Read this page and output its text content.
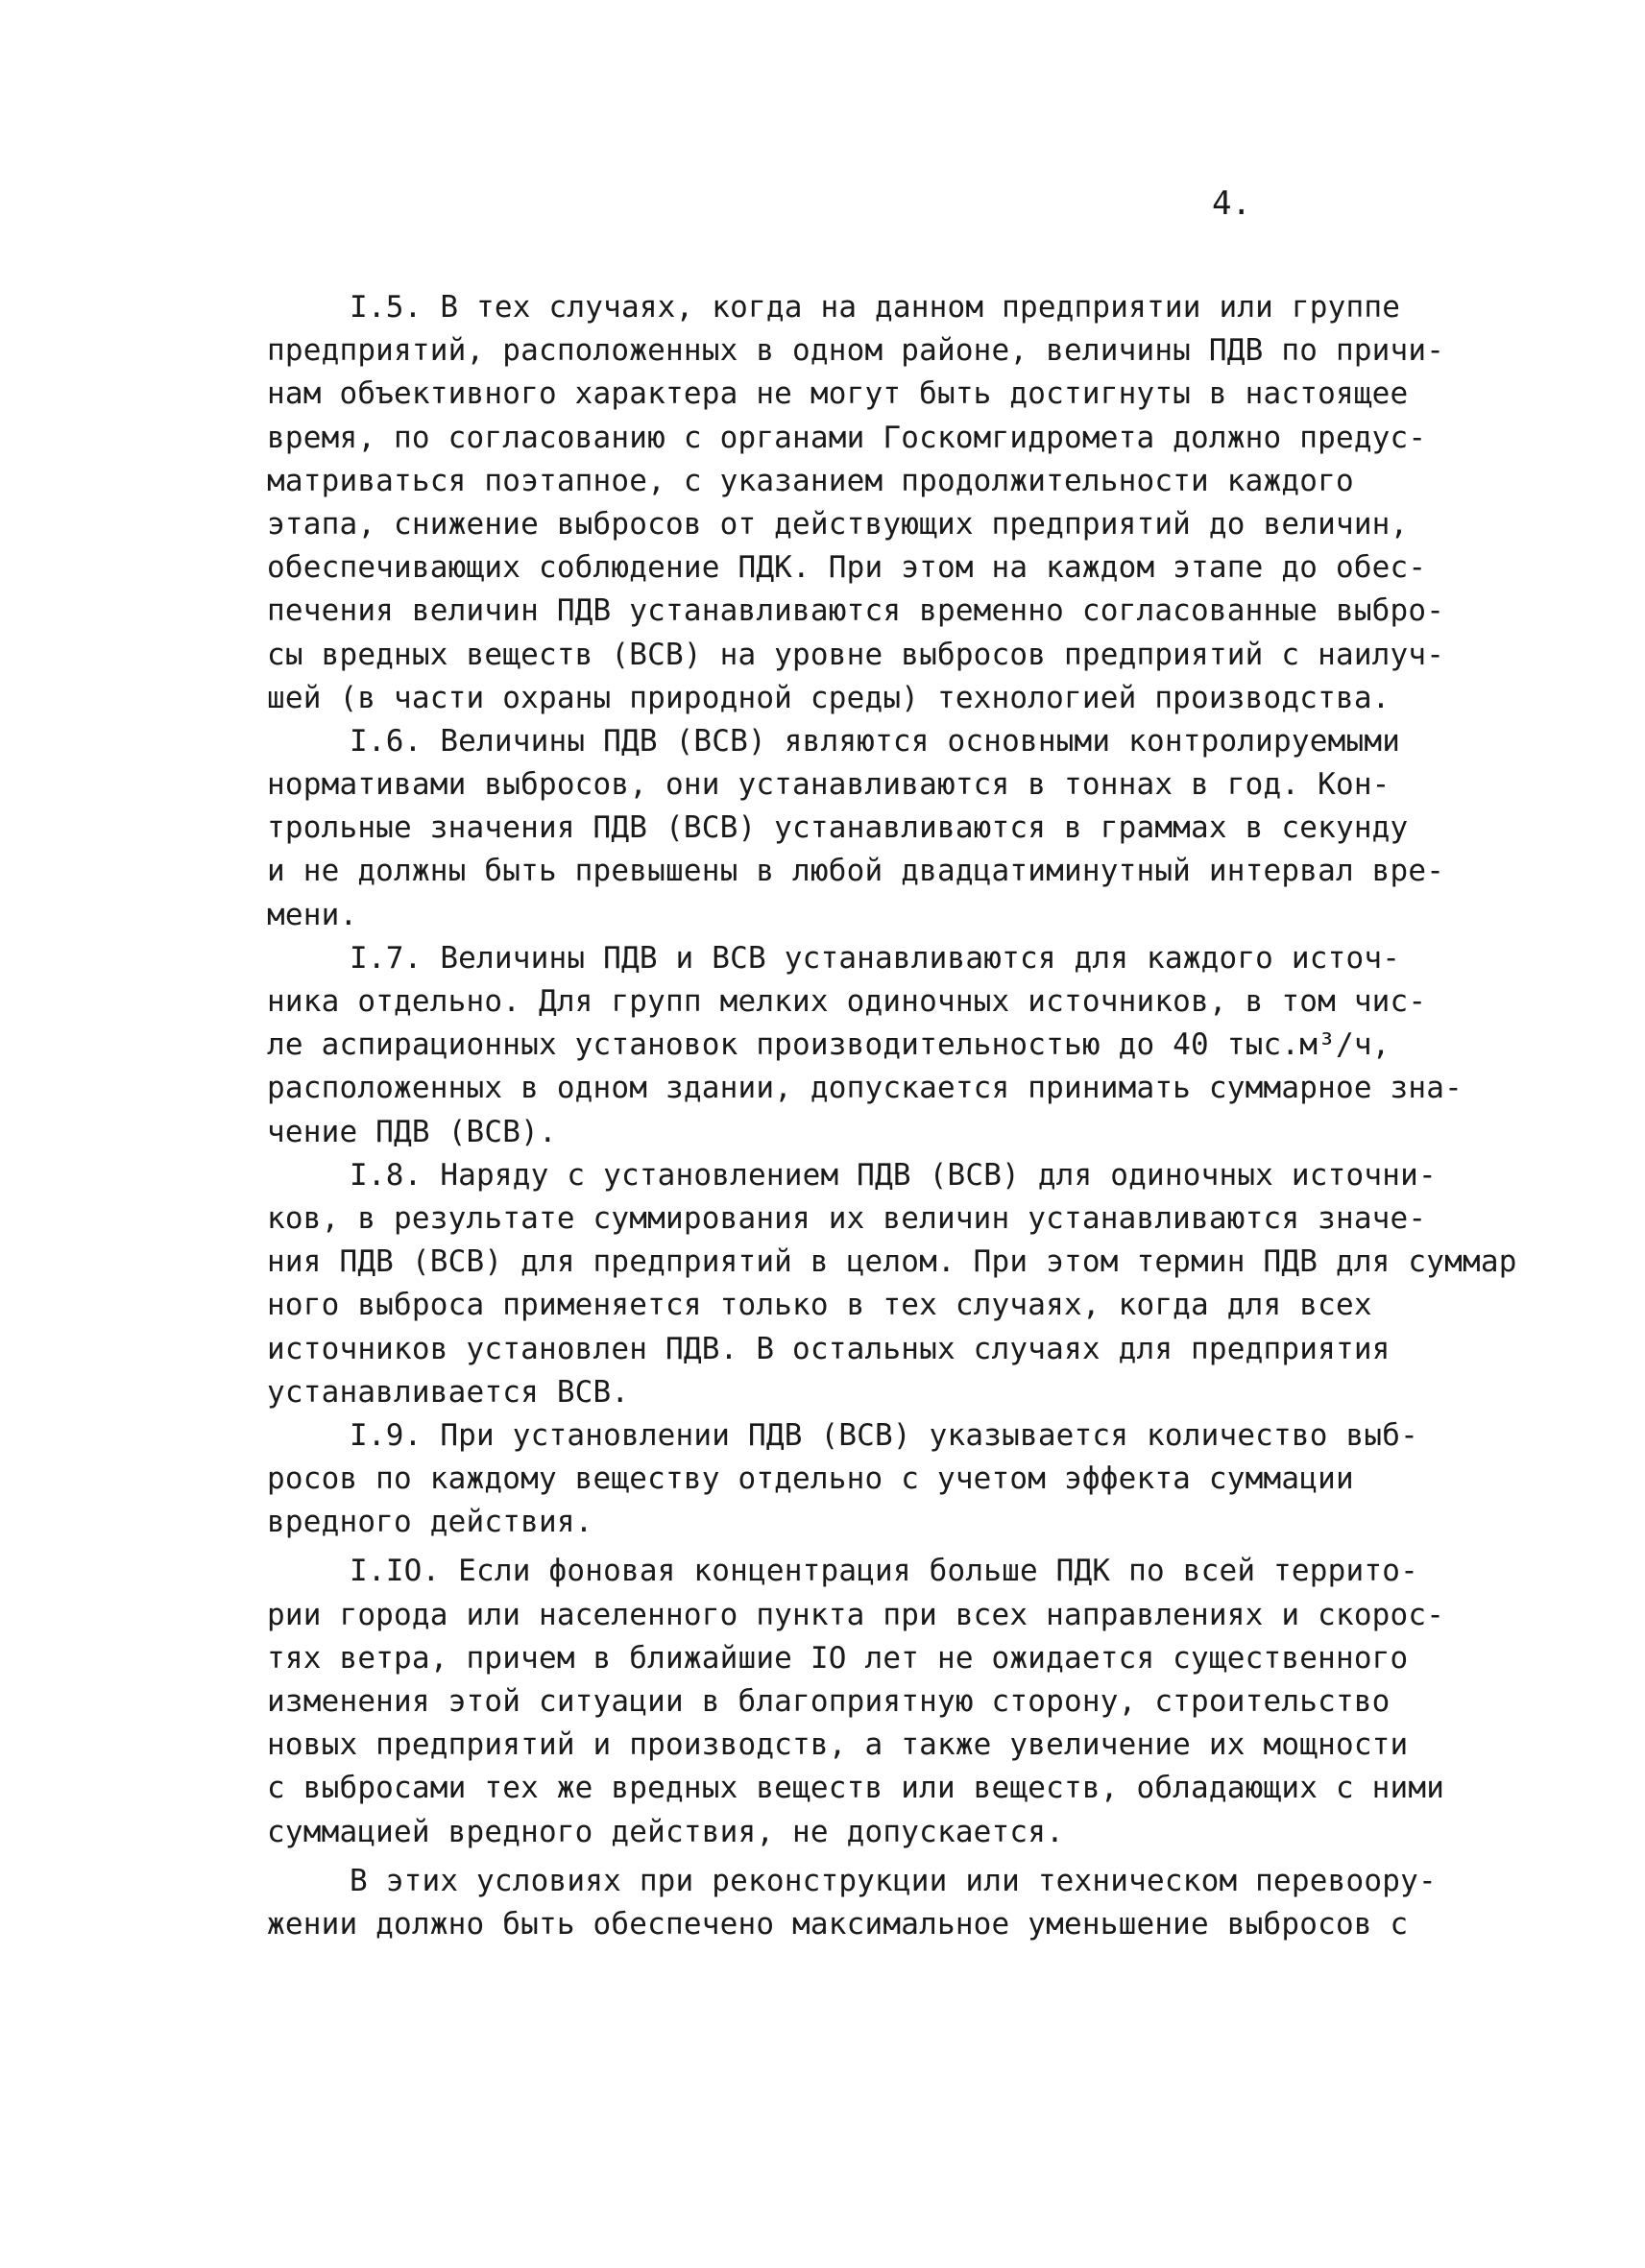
4.
I.5. В тех случаях, когда на данном предприятии или группе
предприятий, расположенных в одном районе, величины ПДВ по причи-
нам объективного характера не могут быть достигнуты в настоящее
время, по согласованию с органами Госкомгидромета должно предус-
матриваться поэтапное, с указанием продолжительности каждого
этапа, снижение выбросов от действующих предприятий до величин,
обеспечивающих соблюдение ПДК. При этом на каждом этапе до обес-
печения величин ПДВ устанавливаются временно согласованные выбро-
сы вредных веществ (ВСВ) на уровне выбросов предприятий с наилуч-
шей (в части охраны природной среды) технологией производства.
I.6. Величины ПДВ (ВСВ) являются основными контролируемыми
нормативами выбросов, они устанавливаются в тоннах в год. Кон-
трольные значения ПДВ (ВСВ) устанавливаются в граммах в секунду
и не должны быть превышены в любой двадцатиминутный интервал вре-
мени.
I.7. Величины ПДВ и ВСВ устанавливаются для каждого источ-
ника отдельно. Для групп мелких одиночных источников, в том чис-
ле аспирационных установок производительностью до 40 тыс.м³/ч,
расположенных в одном здании, допускается принимать суммарное зна-
чение ПДВ (ВСВ).
I.8. Наряду с установлением ПДВ (ВСВ) для одиночных источни-
ков, в результате суммирования их величин устанавливаются значе-
ния ПДВ (ВСВ) для предприятий в целом. При этом термин ПДВ для суммар
ного выброса применяется только в тех случаях, когда для всех
источников установлен ПДВ. В остальных случаях для предприятия
устанавливается ВСВ.
I.9. При установлении ПДВ (ВСВ) указывается количество выб-
росов по каждому веществу отдельно с учетом эффекта суммации
вредного действия.
I.IO. Если фоновая концентрация больше ПДК по всей террито-
рии города или населенного пункта при всех направлениях и скорос-
тях ветра, причем в ближайшие IO лет не ожидается существенного
изменения этой ситуации в благоприятную сторону, строительство
новых предприятий и производств, а также увеличение их мощности
с выбросами тех же вредных веществ или веществ, обладающих с ними
суммацией вредного действия, не допускается.
В этих условиях при реконструкции или техническом перевоору-
жении должно быть обеспечено максимальное уменьшение выбросов с
